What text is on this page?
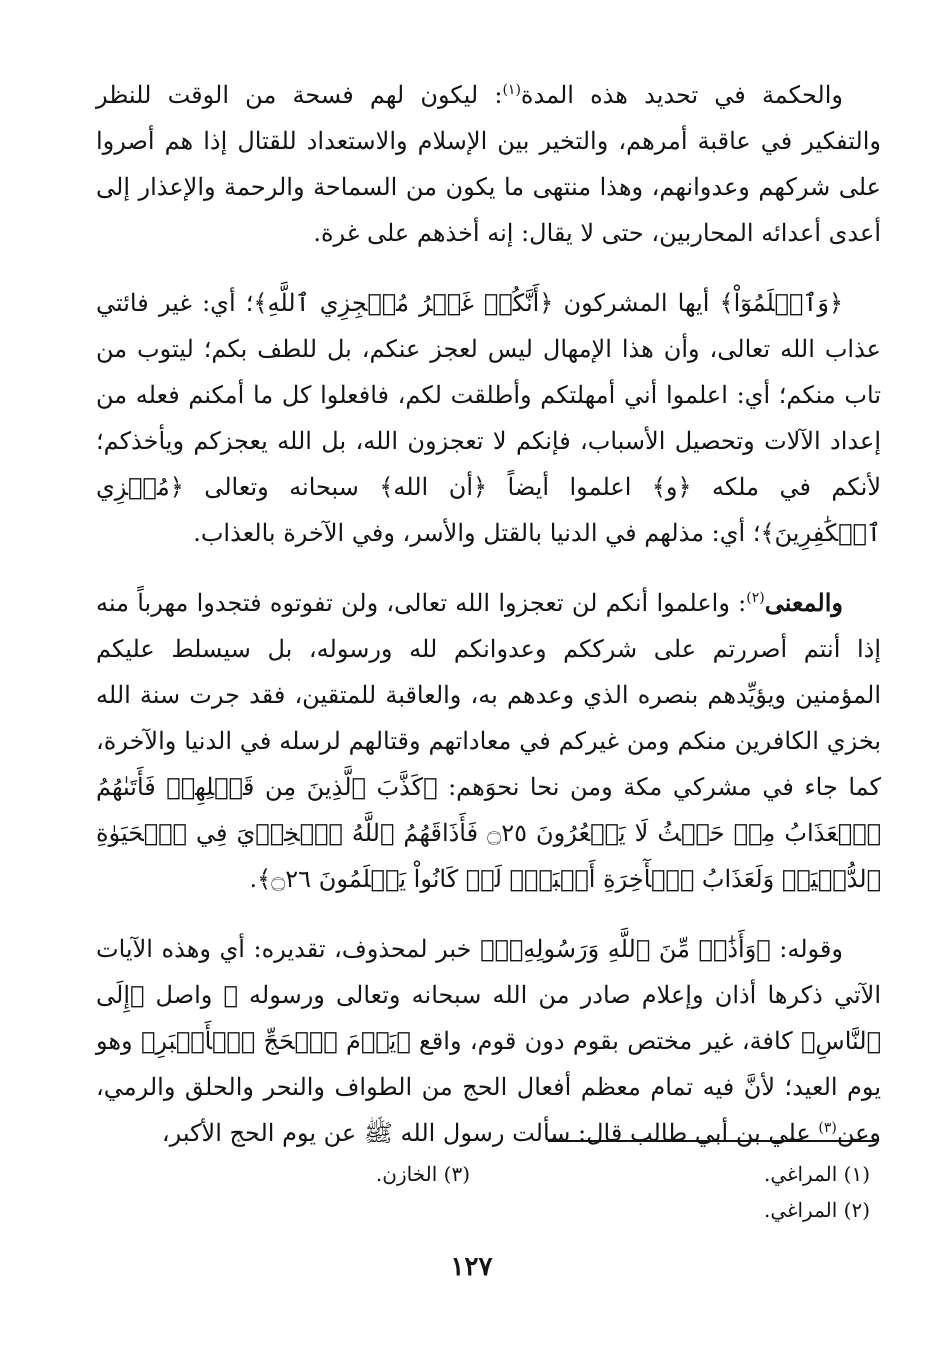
والحكمة في تحديد هذه المدة$^{(١)}$: ليكون لهم فسحة من الوقت للنظر والتفكير في عاقبة أمرهم، والتخير بين الإسلام والاستعداد للقتال إذا هم أصروا على شركهم وعدوانهم، وهذا منتهى ما يكون من السماحة والرحمة والإعذار إلى أعدى أعدائه المحاربين، حتى لا يقال: إنه أخذهم على غرة.

﴿وَٱعۡلَمُوٓاْ﴾ أيها المشركون ﴿أَنَّكُمۡ غَيۡرُ مُعۡجِزِي ٱللَّهِ﴾؛ أي: غير فائتي عذاب الله تعالى، وأن هذا الإمهال ليس لعجز عنكم، بل للطف بكم؛ ليتوب من تاب منكم؛ أي: اعلموا أني أمهلتكم وأطلقت لكم، فافعلوا كل ما أمكنم فعله من إعداد الآلات وتحصيل الأسباب، فإنكم لا تعجزون الله، بل الله يعجزكم ويأخذكم؛ لأنكم في ملكه ﴿و﴾ اعلموا أيضاً ﴿أن الله﴾ سبحانه وتعالى ﴿مُخۡزِي ٱلۡكَٰفِرِينَ﴾؛ أي: مذلهم في الدنيا بالقتل والأسر، وفي الآخرة بالعذاب.

والمعنى$^{(٢)}$: واعلموا أنكم لن تعجزوا الله تعالى، ولن تفوتوه فتجدوا مهرباً منه إذا أنتم أصررتم على شرككم وعدوانكم لله ورسوله، بل سيسلط عليكم المؤمنين ويؤيِّدهم بنصره الذي وعدهم به، والعاقبة للمتقين، فقد جرت سنة الله بخزي الكافرين منكم ومن غيركم في معاداتهم وقتالهم لرسله في الدنيا والآخرة، كما جاء في مشركي مكة ومن نحا نحوَهم: ﴿كَذَّبَ ٱلَّذِينَ مِن قَبۡلِهِمۡ فَأَتَىٰهُمُ ٱلۡعَذَابُ مِنۡ حَيۡثُ لَا يَشۡعُرُونَ ۝٢٥ فَأَذَاقَهُمُ ٱللَّهُ ٱلۡخِزۡيَ فِي ٱلۡحَيَوٰةِ ٱلدُّنۡيَاۖ وَلَعَذَابُ ٱلۡأٓخِرَةِ أَكۡبَرُۚ لَوۡ كَانُواْ يَعۡلَمُونَ ۝٢٦﴾.

وقوله: ﴿وَأَذَٰنٞ مِّنَ ٱللَّهِ وَرَسُولِهِۦٓ﴾ خبر لمحذوف، تقديره: أي وهذه الآيات الآتي ذكرها أذان وإعلام صادر من الله سبحانه وتعالى ورسوله ﷺ واصل ﴿إِلَى ٱلنَّاسِ﴾ كافة، غير مختص بقوم دون قوم، واقع ﴿يَوۡمَ ٱلۡحَجِّ ٱلۡأَكۡبَرِ﴾ وهو يوم العيد؛ لأنَّ فيه تمام معظم أفعال الحج من الطواف والنحر والحلق والرمي، وعن$^{(٣)}$ علي بن أبي طالب قال: سألت رسول الله ﷺ عن يوم الحج الأكبر،

(١) المراغي.
(٢) المراغي.
(٣) الخازن.
١٢٧
